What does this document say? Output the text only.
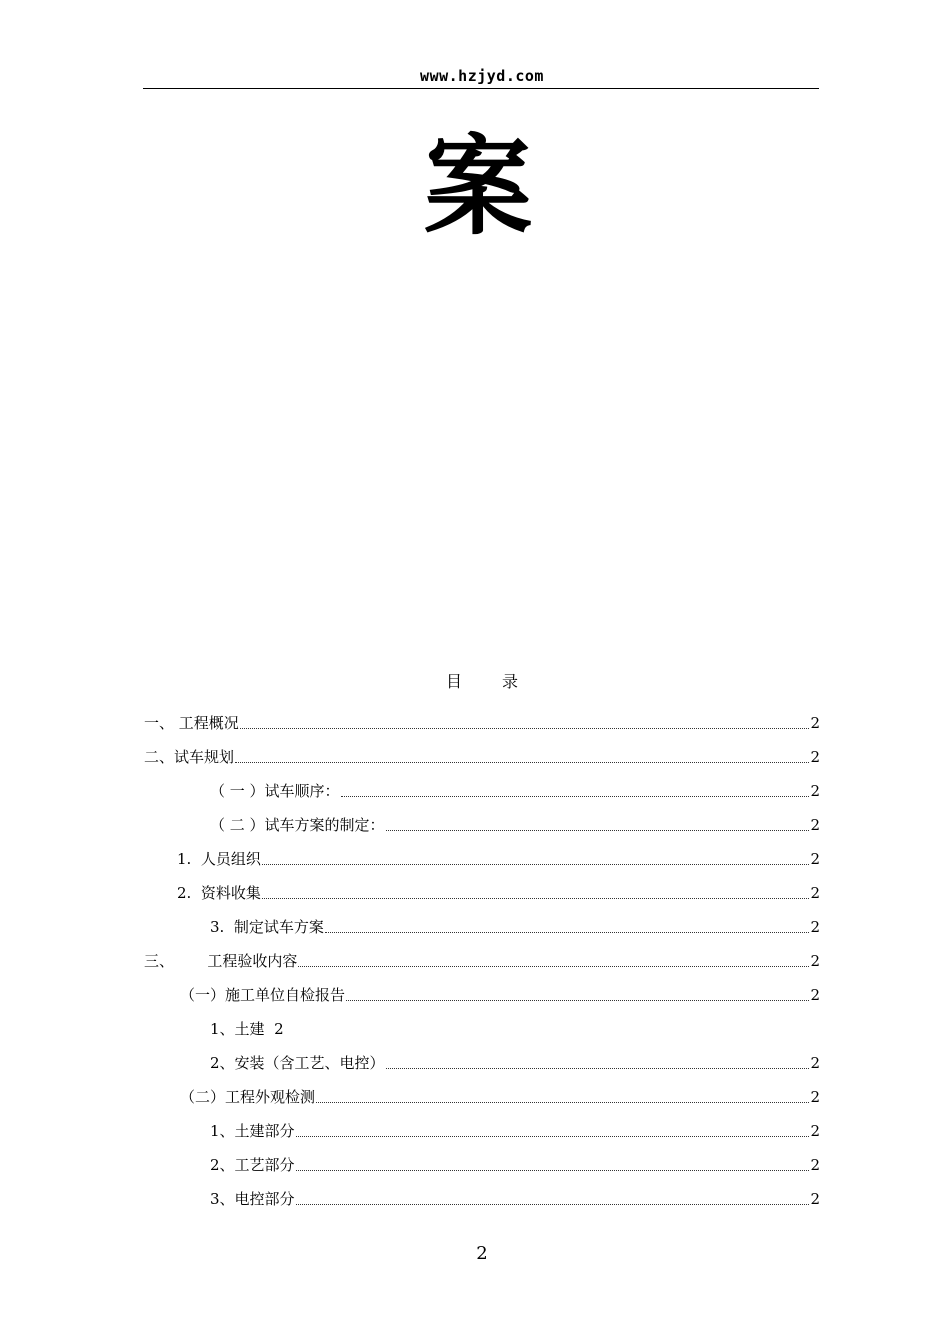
www.hzjyd.com
案
目	录
一、 工程概况	2
二、试车规划	2
（ 一 ）试车顺序：	2
（ 二 ）试车方案的制定：	2
1.  人员组织	2
2.  资料收集	2
3.  制定试车方案	2
三、       工程验收内容	2
（一）施工单位自检报告	2
1、土建  2
2、安装（含工艺、电控）	2
（二）工程外观检测	2
1、土建部分	2
2、工艺部分	2
3、电控部分	2
2
